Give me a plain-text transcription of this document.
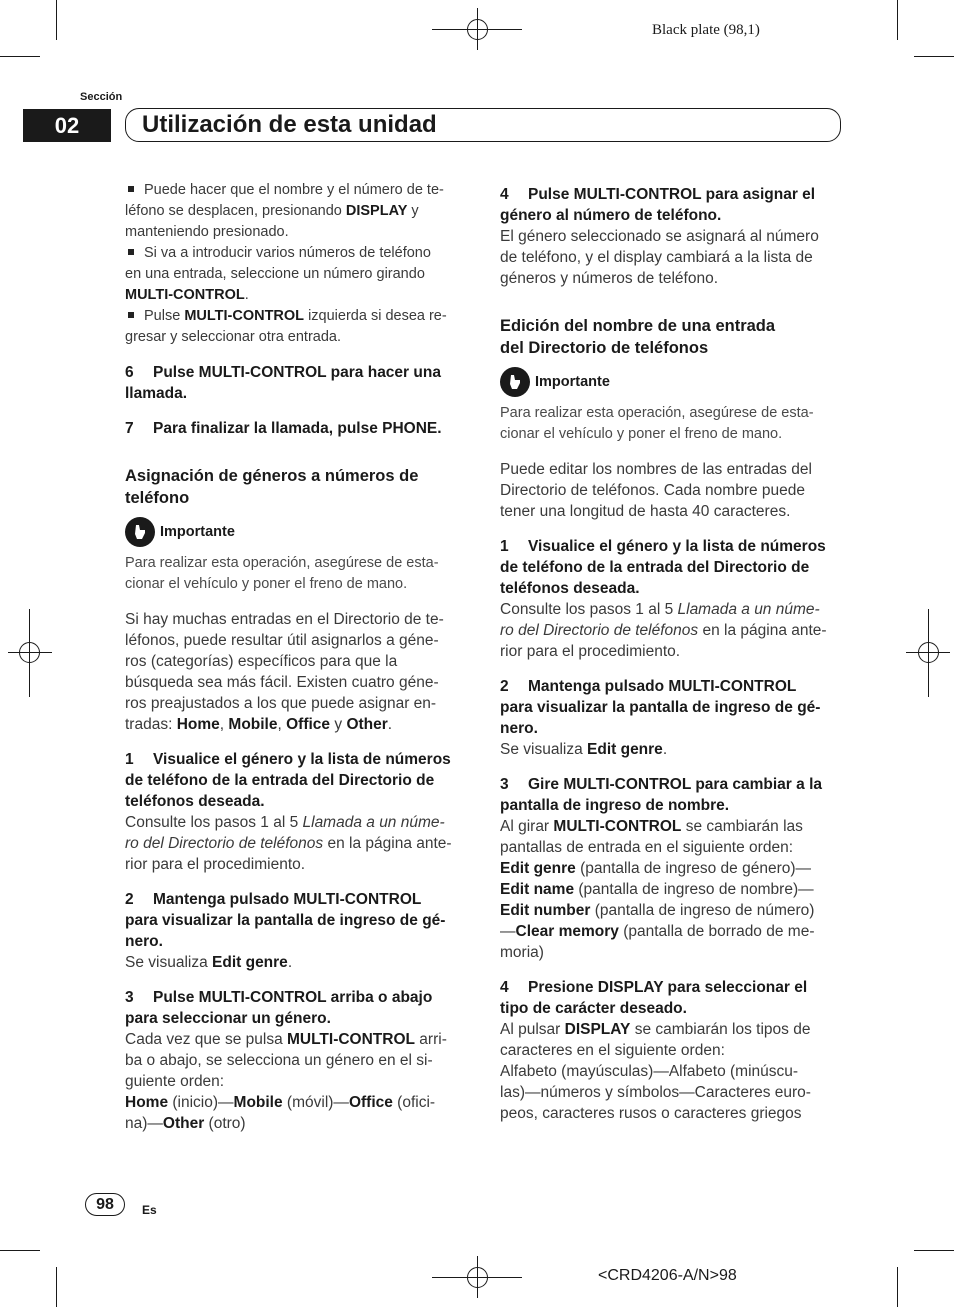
Black plate (98,1)
Sección
02	Utilización de esta unidad

Puede hacer que el nombre y el número de te-

léfono se desplacen, presionando DISPLAY y

manteniendo presionado.

Si va a introducir varios números de teléfono

en una entrada, seleccione un número girando

MULTI-CONTROL.

Pulse MULTI-CONTROL izquierda si desea re-

gresar y seleccionar otra entrada.

6 Pulse MULTI-CONTROL para hacer una

llamada.

7 Para finalizar la llamada, pulse PHONE.

Asignación de géneros a números de

teléfono

Importante

Para realizar esta operación, asegúrese de esta-

cionar el vehículo y poner el freno de mano.

Si hay muchas entradas en el Directorio de te-

léfonos, puede resultar útil asignarlos a géne-

ros (categorías) específicos para que la

búsqueda sea más fácil. Existen cuatro géne-

ros preajustados a los que puede asignar en-

tradas: Home, Mobile, Office y Other.

1 Visualice el género y la lista de números

de teléfono de la entrada del Directorio de

teléfonos deseada.

Consulte los pasos 1 al 5 Llamada a un núme-

ro del Directorio de teléfonos en la página ante-

rior para el procedimiento.

2 Mantenga pulsado MULTI-CONTROL

para visualizar la pantalla de ingreso de gé-

nero.

Se visualiza Edit genre.

3 Pulse MULTI-CONTROL arriba o abajo

para seleccionar un género.

Cada vez que se pulsa MULTI-CONTROL arri-

ba o abajo, se selecciona un género en el si-

guiente orden:

Home (inicio)—Mobile (móvil)—Office (ofici-

na)—Other (otro)

4 Pulse MULTI-CONTROL para asignar el

género al número de teléfono.

El género seleccionado se asignará al número

de teléfono, y el display cambiará a la lista de

géneros y números de teléfono.

Edición del nombre de una entrada

del Directorio de teléfonos

Importante

Para realizar esta operación, asegúrese de esta-

cionar el vehículo y poner el freno de mano.

Puede editar los nombres de las entradas del

Directorio de teléfonos. Cada nombre puede

tener una longitud de hasta 40 caracteres.

1 Visualice el género y la lista de números

de teléfono de la entrada del Directorio de

teléfonos deseada.

Consulte los pasos 1 al 5 Llamada a un núme-

ro del Directorio de teléfonos en la página ante-

rior para el procedimiento.

2 Mantenga pulsado MULTI-CONTROL

para visualizar la pantalla de ingreso de gé-

nero.

Se visualiza Edit genre.

3 Gire MULTI-CONTROL para cambiar a la

pantalla de ingreso de nombre.

Al girar MULTI-CONTROL se cambiarán las

pantallas de entrada en el siguiente orden:

Edit genre (pantalla de ingreso de género)—

Edit name (pantalla de ingreso de nombre)—

Edit number (pantalla de ingreso de número)

—Clear memory (pantalla de borrado de me-

moria)

4 Presione DISPLAY para seleccionar el

tipo de carácter deseado.

Al pulsar DISPLAY se cambiarán los tipos de

caracteres en el siguiente orden:

Alfabeto (mayúsculas)—Alfabeto (minúscu-

las)—números y símbolos—Caracteres euro-

peos, caracteres rusos o caracteres griegos

98	Es
<CRD4206-A/N>98
